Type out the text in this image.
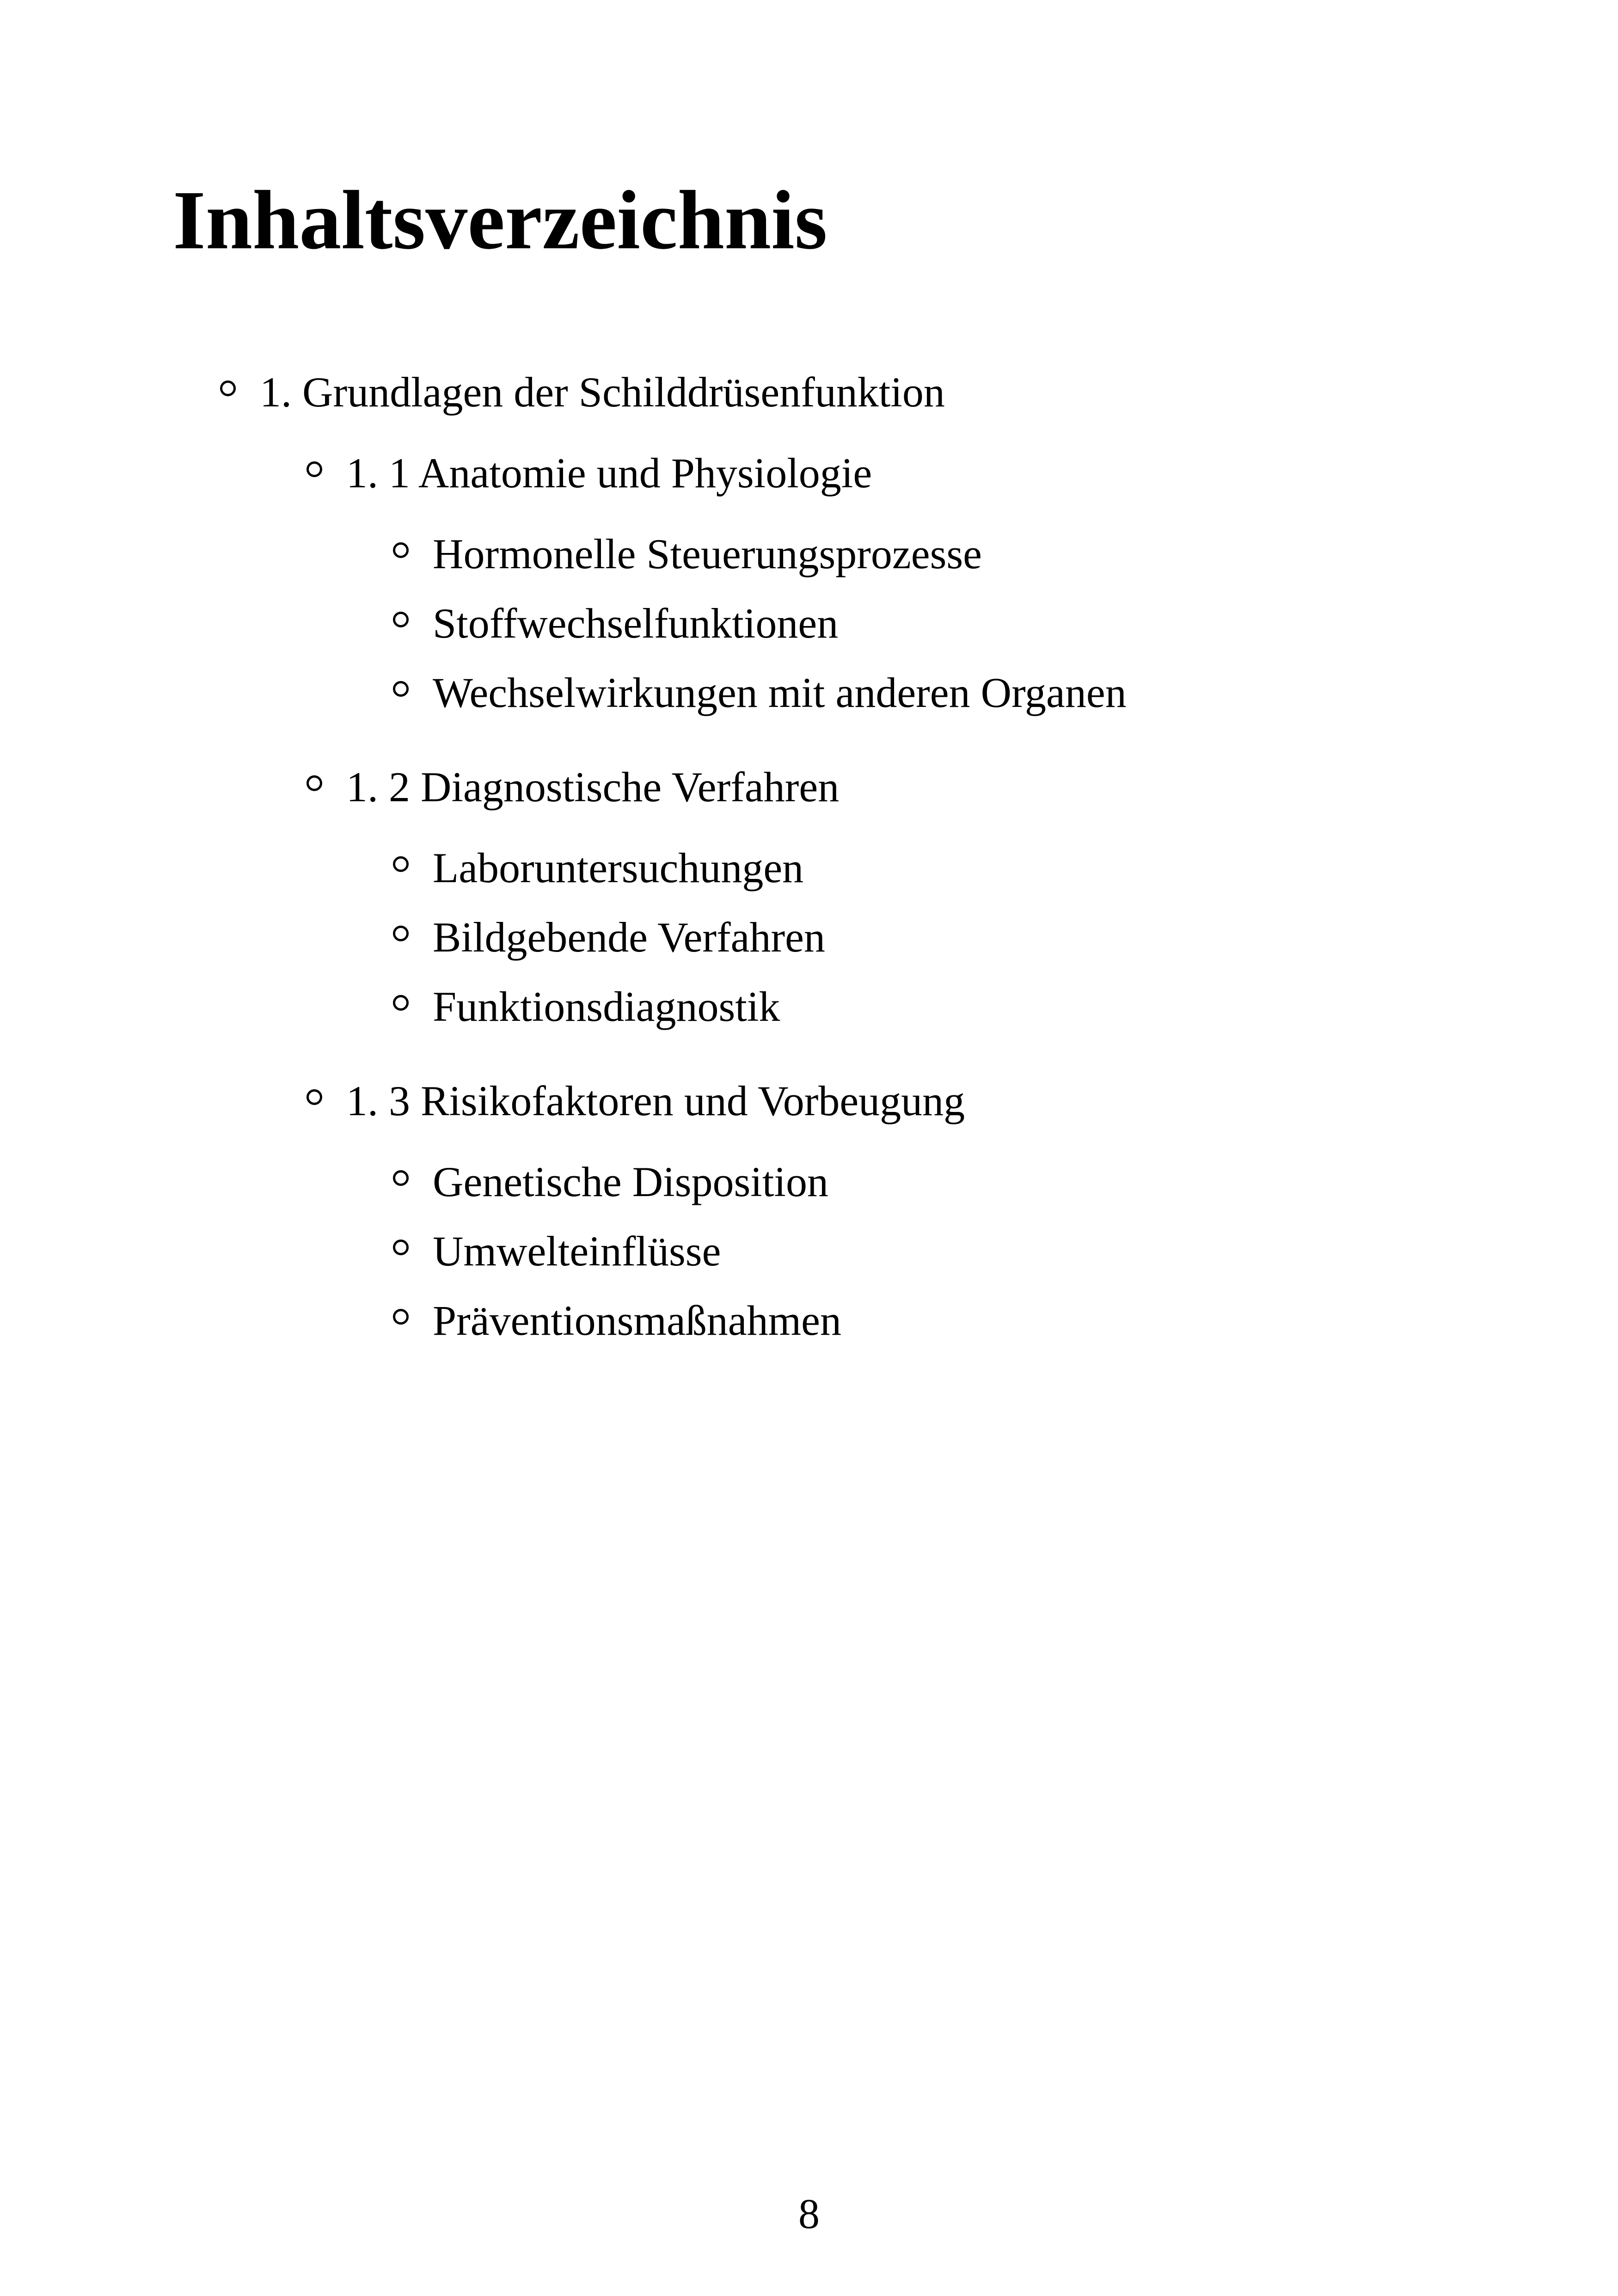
Inhaltsverzeichnis
1. Grundlagen der Schilddrüsenfunktion
1. 1 Anatomie und Physiologie
Hormonelle Steuerungsprozesse
Stoffwechselfunktionen
Wechselwirkungen mit anderen Organen
1. 2 Diagnostische Verfahren
Laboruntersuchungen
Bildgebende Verfahren
Funktionsdiagnostik
1. 3 Risikofaktoren und Vorbeugung
Genetische Disposition
Umwelteinflüsse
Präventionsmaßnahmen
8
